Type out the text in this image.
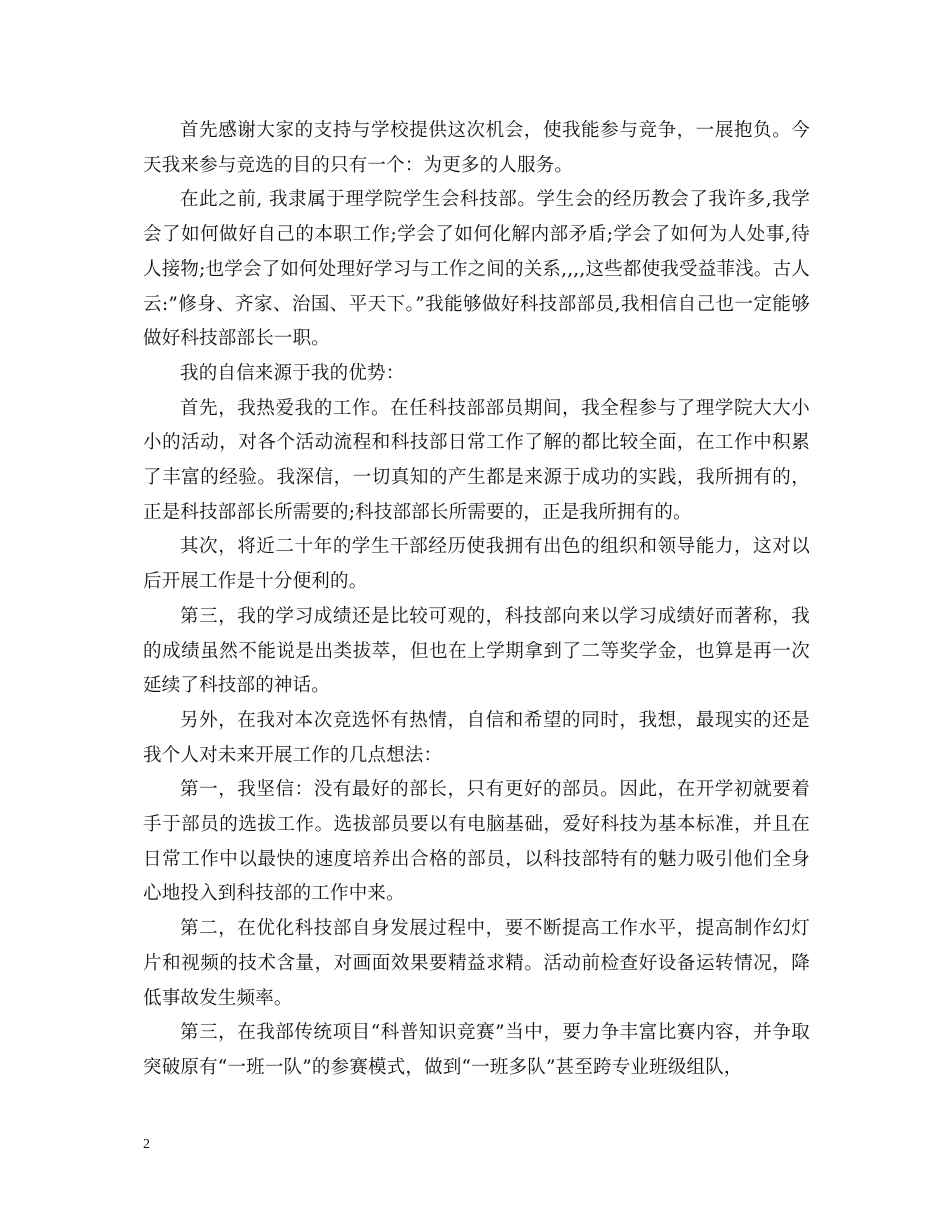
首先感谢大家的支持与学校提供这次机会，使我能参与竞争，一展抱负。今天我来参与竞选的目的只有一个：为更多的人服务。

在此之前, 我隶属于理学院学生会科技部。学生会的经历教会了我许多,我学会了如何做好自己的本职工作;学会了如何化解内部矛盾;学会了如何为人处事,待人接物;也学会了如何处理好学习与工作之间的关系,,,,这些都使我受益菲浅。古人云:”修身、齐家、治国、平天下。”我能够做好科技部部员,我相信自己也一定能够做好科技部部长一职。

我的自信来源于我的优势：

首先，我热爱我的工作。在任科技部部员期间，我全程参与了理学院大大小小的活动，对各个活动流程和科技部日常工作了解的都比较全面，在工作中积累了丰富的经验。我深信，一切真知的产生都是来源于成功的实践，我所拥有的，正是科技部部长所需要的;科技部部长所需要的，正是我所拥有的。

其次，将近二十年的学生干部经历使我拥有出色的组织和领导能力，这对以后开展工作是十分便利的。

第三，我的学习成绩还是比较可观的，科技部向来以学习成绩好而著称，我的成绩虽然不能说是出类拔萃，但也在上学期拿到了二等奖学金，也算是再一次延续了科技部的神话。

另外，在我对本次竞选怀有热情，自信和希望的同时，我想，最现实的还是我个人对未来开展工作的几点想法：

第一，我坚信：没有最好的部长，只有更好的部员。因此，在开学初就要着手于部员的选拔工作。选拔部员要以有电脑基础，爱好科技为基本标准，并且在日常工作中以最快的速度培养出合格的部员，以科技部特有的魅力吸引他们全身心地投入到科技部的工作中来。

第二，在优化科技部自身发展过程中，要不断提高工作水平，提高制作幻灯片和视频的技术含量，对画面效果要精益求精。活动前检查好设备运转情况，降低事故发生频率。

第三，在我部传统项目“科普知识竞赛”当中，要力争丰富比赛内容，并争取突破原有“一班一队”的参赛模式，做到“一班多队”甚至跨专业班级组队，

2
